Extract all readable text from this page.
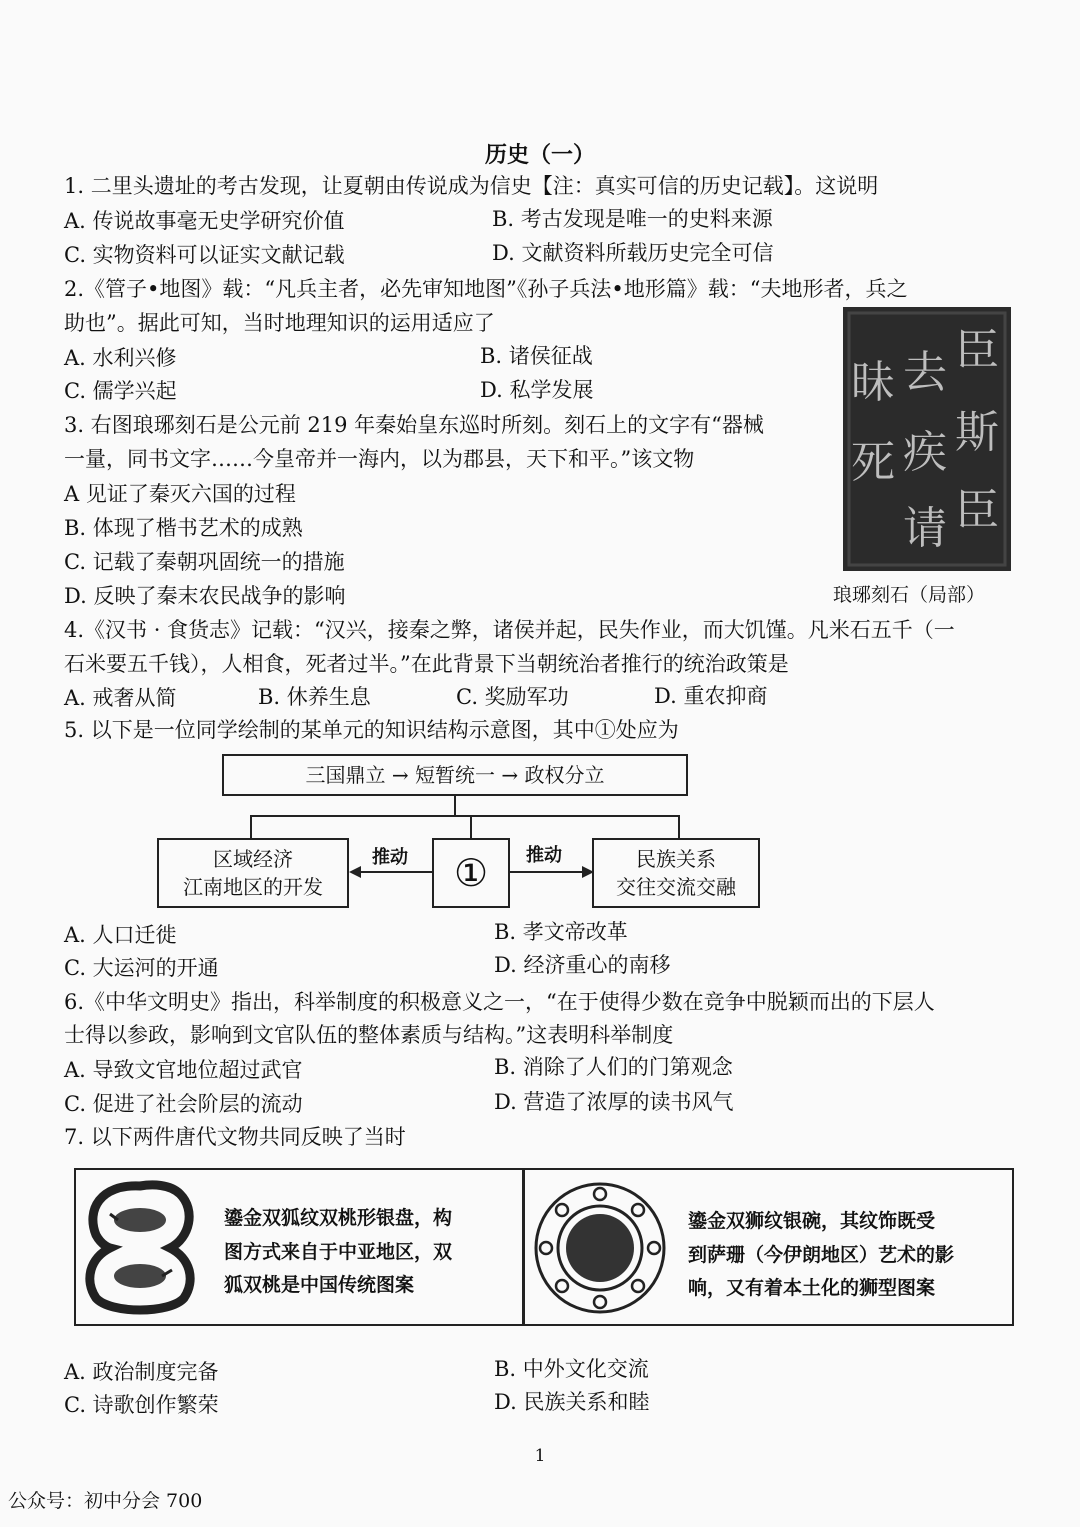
历史（一）
1. 二里头遗址的考古发现，让夏朝由传说成为信史【注：真实可信的历史记载】。这说明
A. 传说故事毫无史学研究价值	B. 考古发现是唯一的史料来源
C. 实物资料可以证实文献记载	D. 文献资料所载历史完全可信
2.《管子•地图》载：“凡兵主者，必先审知地图”《孙子兵法•地形篇》载：“夫地形者，兵之
助也”。据此可知，当时地理知识的运用适应了
A. 水利兴修	B. 诸侯征战
C. 儒学兴起	D. 私学发展
3. 右图琅琊刻石是公元前 219 年秦始皇东巡时所刻。刻石上的文字有“器械
一量，同书文字……今皇帝并一海内，以为郡县，天下和平。”该文物
A 见证了秦灭六国的过程
B. 体现了楷书艺术的成熟
C. 记载了秦朝巩固统一的措施
D. 反映了秦末农民战争的影响
臣
斯
臣
去
疾
请
昧
死
琅琊刻石（局部）
4.《汉书 · 食货志》记载：“汉兴，接秦之弊，诸侯并起，民失作业，而大饥馑。凡米石五千（一
石米要五千钱），人相食，死者过半。”在此背景下当朝统治者推行的统治政策是
A. 戒奢从简	B. 休养生息	C. 奖励军功	D. 重农抑商
5. 以下是一位同学绘制的某单元的知识结构示意图，其中①处应为
三国鼎立 → 短暂统一 → 政权分立
区域经济
江南地区的开发	①	民族关系
交往交流交融
推动	推动
A. 人口迁徙	B. 孝文帝改革
C. 大运河的开通	D. 经济重心的南移
6.《中华文明史》指出，科举制度的积极意义之一，“在于使得少数在竞争中脱颖而出的下层人
士得以参政，影响到文官队伍的整体素质与结构。”这表明科举制度
A. 导致文官地位超过武官	B. 消除了人们的门第观念
C. 促进了社会阶层的流动	D. 营造了浓厚的读书风气
7. 以下两件唐代文物共同反映了当时
鎏金双狐纹双桃形银盘，构
图方式来自于中亚地区，双
狐双桃是中国传统图案
鎏金双狮纹银碗，其纹饰既受
到萨珊（今伊朗地区）艺术的影
响，又有着本土化的狮型图案
A. 政治制度完备	B. 中外文化交流
C. 诗歌创作繁荣	D. 民族关系和睦
1
公众号：初中分会 700
